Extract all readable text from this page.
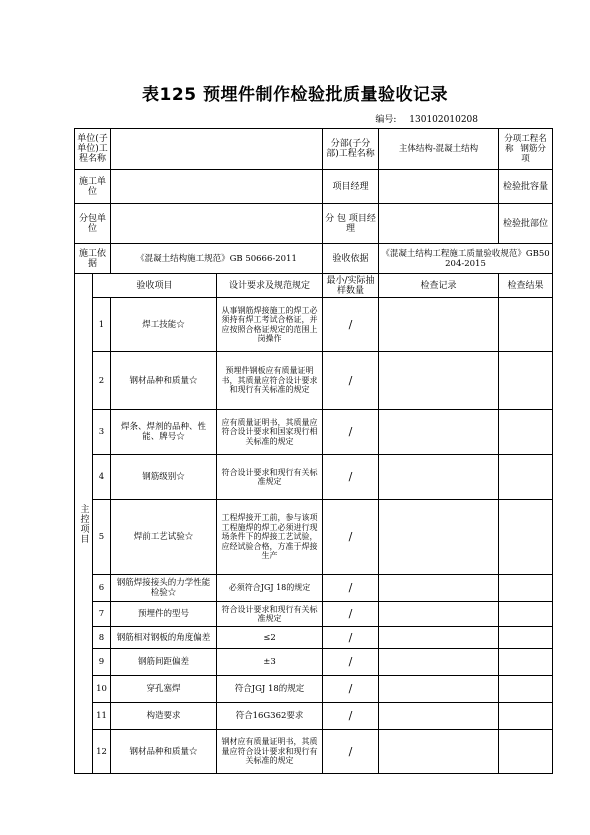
表125 预埋件制作检验批质量验收记录
编号: 130102010208
单位(子单位)工程名称				分部(子分部)工程名称	主体结构-混凝土结构	分项工程名称 钢筋分项
施工单位				项目经理		检验批容量
分包单位				分 包 项目经理		检验批部位
施工依据		《混凝土结构施工规范》GB 50666-2011		验收依据	《混凝土结构工程施工质量验收规范》GB50204-2015	

主控项目	验收项目		设计要求及规范规定	最小/实际抽样数量	检查记录	检查结果
	1	焊工技能☆	从事钢筋焊接施工的焊工必须持有焊工考试合格证，并应按照合格证规定的范围上岗操作	/		
	2	钢材品种和质量☆	预埋件钢板应有质量证明书，其质量应符合设计要求和现行有关标准的规定	/		
	3	焊条、焊剂的品种、性能、牌号☆	应有质量证明书，其质量应符合设计要求和国家现行相关标准的规定	/		
	4	钢筋级别☆	符合设计要求和现行有关标准规定	/		
	5	焊前工艺试验☆	工程焊接开工前，参与该项工程施焊的焊工必须进行现场条件下的焊接工艺试验，应经试验合格，方准于焊接生产	/		
	6	钢筋焊接接头的力学性能检验☆	必须符合JGJ 18的规定	/		
	7	预埋件的型号	符合设计要求和现行有关标准规定	/		
	8	钢筋相对钢板的角度偏差	≤2	/		
	9	钢筋间距偏差	±3	/		
	10	穿孔塞焊	符合JGJ 18的规定	/		
	11	构造要求	符合16G362要求	/		
	12	钢材品种和质量☆	钢材应有质量证明书，其质量应符合设计要求和现行有关标准的规定	/		
